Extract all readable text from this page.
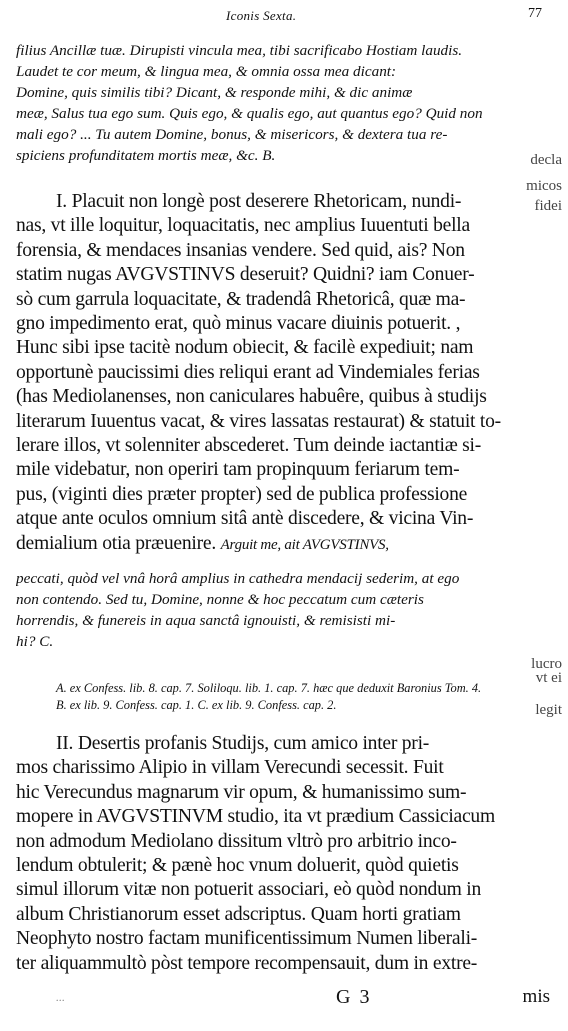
Iconis Sexta.	77
filius Ancillæ tuæ. Dirupisti vincula mea, tibi sacrificabo Hostiam laudis.
Laudet te cor meum, & lingua mea, & omnia ossa mea dicant:
Domine, quis similis tibi? Dicant, & responde mihi, & dic animæ
meæ, Salus tua ego sum. Quis ego, & qualis ego, aut quantus ego? Quid non
mali ego? ... Tu autem Domine, bonus, & misericors, & dextera tua re-
spiciens profunditatem mortis meæ, &c. B.	decla
micos
fidei
I. Placuit non longè post deserere Rhetoricam, nundi-
nas, vt ille loquitur, loquacitatis, nec amplius Iuuentuti bella
forensia, & mendaces insanias vendere. Sed quid, ais? Non
statim nugas AVGVSTINVS deseruit? Quidni? iam Conuer-
sò cum garrula loquacitate, & tradendâ Rhetoricâ, quæ ma-
gno impedimento erat, quò minus vacare diuinis potuerit. ,
Hunc sibi ipse tacitè nodum obiecit, & facilè expediuit; nam
opportunè paucissimi dies reliqui erant ad Vindemiales ferias
(has Mediolanenses, non caniculares habuêre, quibus à studijs
literarum Iuuentus vacat, & vires lassatas restaurat) & statuit to-
lerare illos, vt solenniter abscederet. Tum deinde iactantiæ si-
mile videbatur, non operiri tam propinquum feriarum tem-
pus, (viginti dies præter propter) sed de publica professione
atque ante oculos omnium sitâ antè discedere, & vicina Vin-
demialium otia præuenire. Arguit me, ait AVGVSTINVS,
peccati, quòd vel vnâ horâ amplius in cathedra mendacij sederim, at ego
non contendo. Sed tu, Domine, nonne & hoc peccatum cum cæteris
horrendis, & funereis in aqua sanctâ ignouisti, & remisisti mi-
hi? C.
lucro
vt ei
legit
A. ex Confess. lib. 8. cap. 7. Soliloqu. lib. 1. cap. 7. hæc que deduxit Baronius Tom. 4.
B. ex lib. 9. Confess. cap. 1. C. ex lib. 9. Confess. cap. 2.
II. Desertis profanis Studijs, cum amico inter pri-
mos charissimo Alipio in villam Verecundi secessit. Fuit
hic Verecundus magnarum vir opum, & humanissimo sum-
mopere in AVGVSTINVM studio, ita vt prædium Cassiciacum
non admodum Mediolano dissitum vltrò pro arbitrio inco-
lendum obtulerit; & pænè hoc vnum doluerit, quòd quietis
simul illorum vitæ non potuerit associari, eò quòd nondum in
album Christianorum esset adscriptus. Quam horti gratiam
Neophyto nostro factam munificentissimum Numen liberali-
ter aliquammultò pòst tempore recompensauit, dum in extre-
...	G 3	mis
